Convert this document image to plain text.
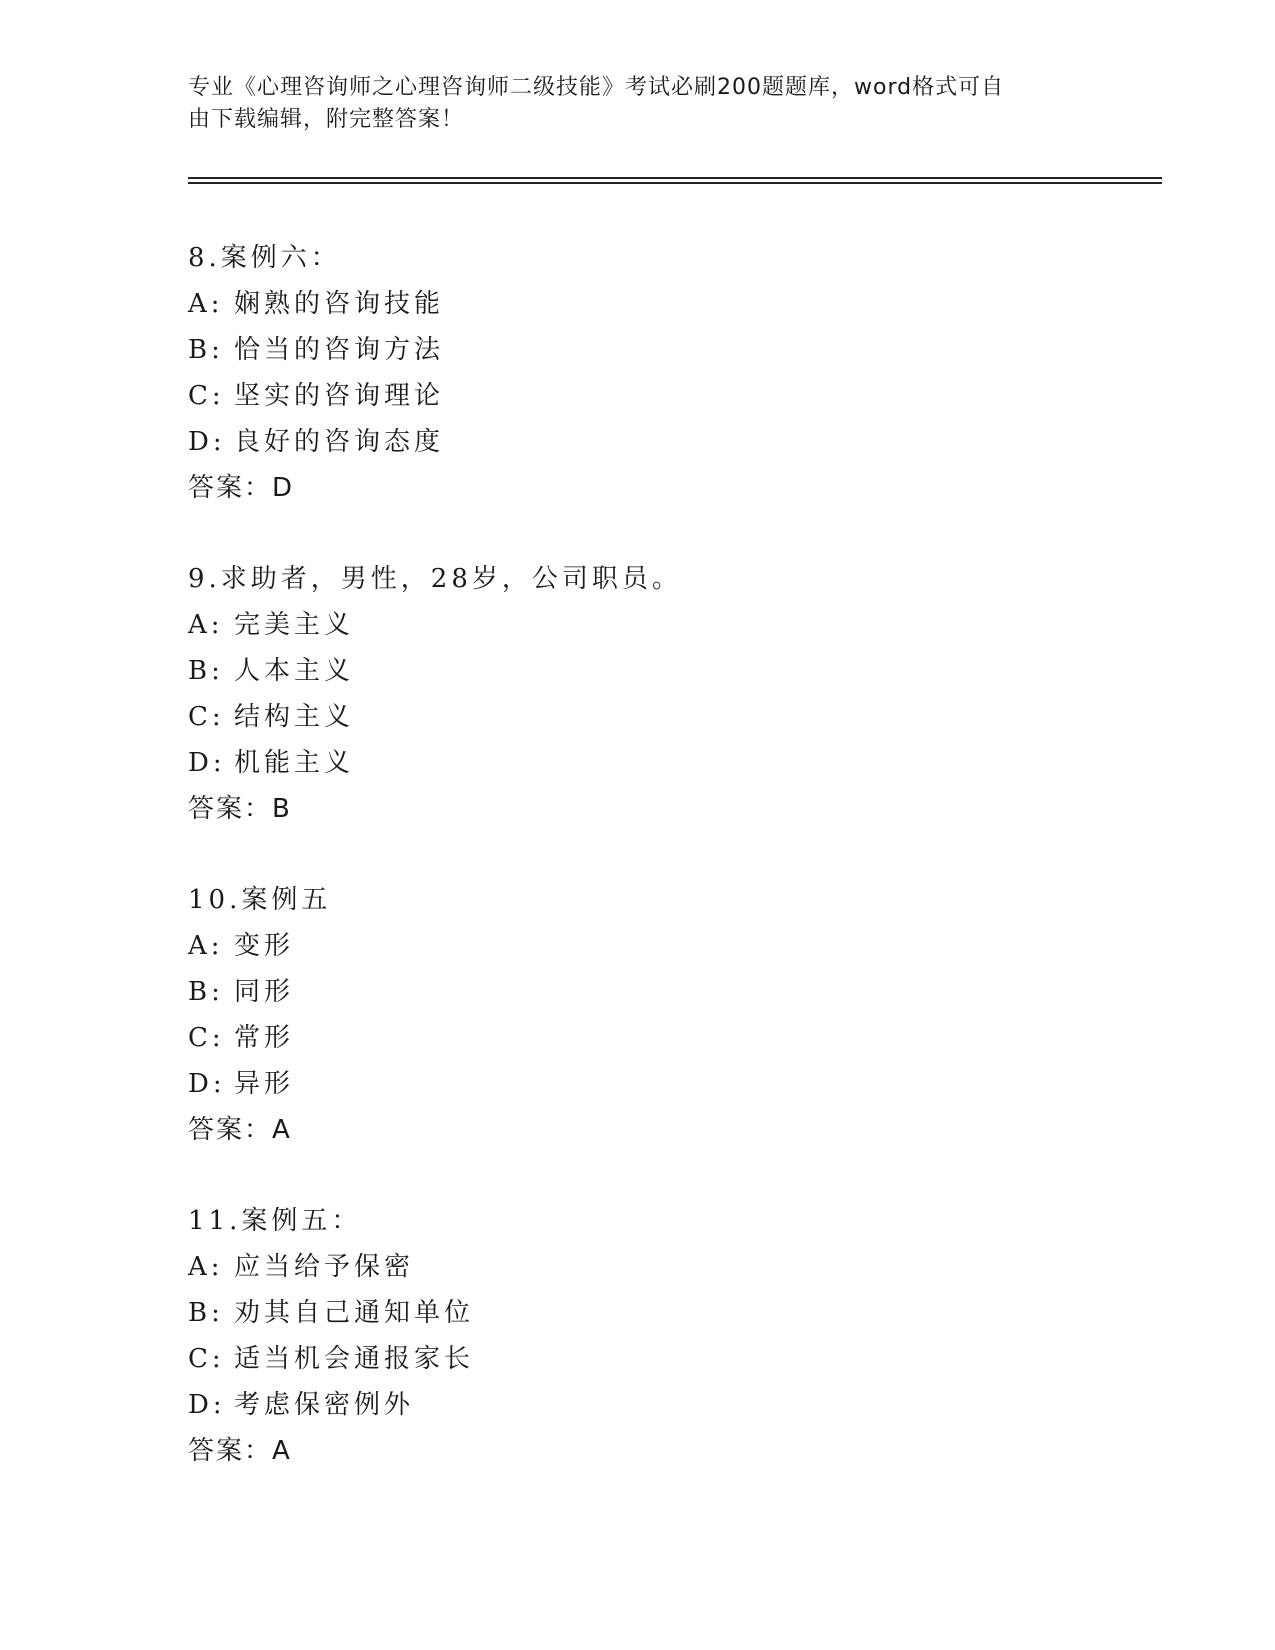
专业《心理咨询师之心理咨询师二级技能》考试必刷200题题库，word格式可自
由下载编辑，附完整答案！
8.案例六：
A: 娴熟的咨询技能
B: 恰当的咨询方法
C: 坚实的咨询理论
D: 良好的咨询态度
答案：D
9.求助者，男性，28岁，公司职员。
A: 完美主义
B: 人本主义
C: 结构主义
D: 机能主义
答案：B
10.案例五
A: 变形
B: 同形
C: 常形
D: 异形
答案：A
11.案例五：
A: 应当给予保密
B: 劝其自己通知单位
C: 适当机会通报家长
D: 考虑保密例外
答案：A
